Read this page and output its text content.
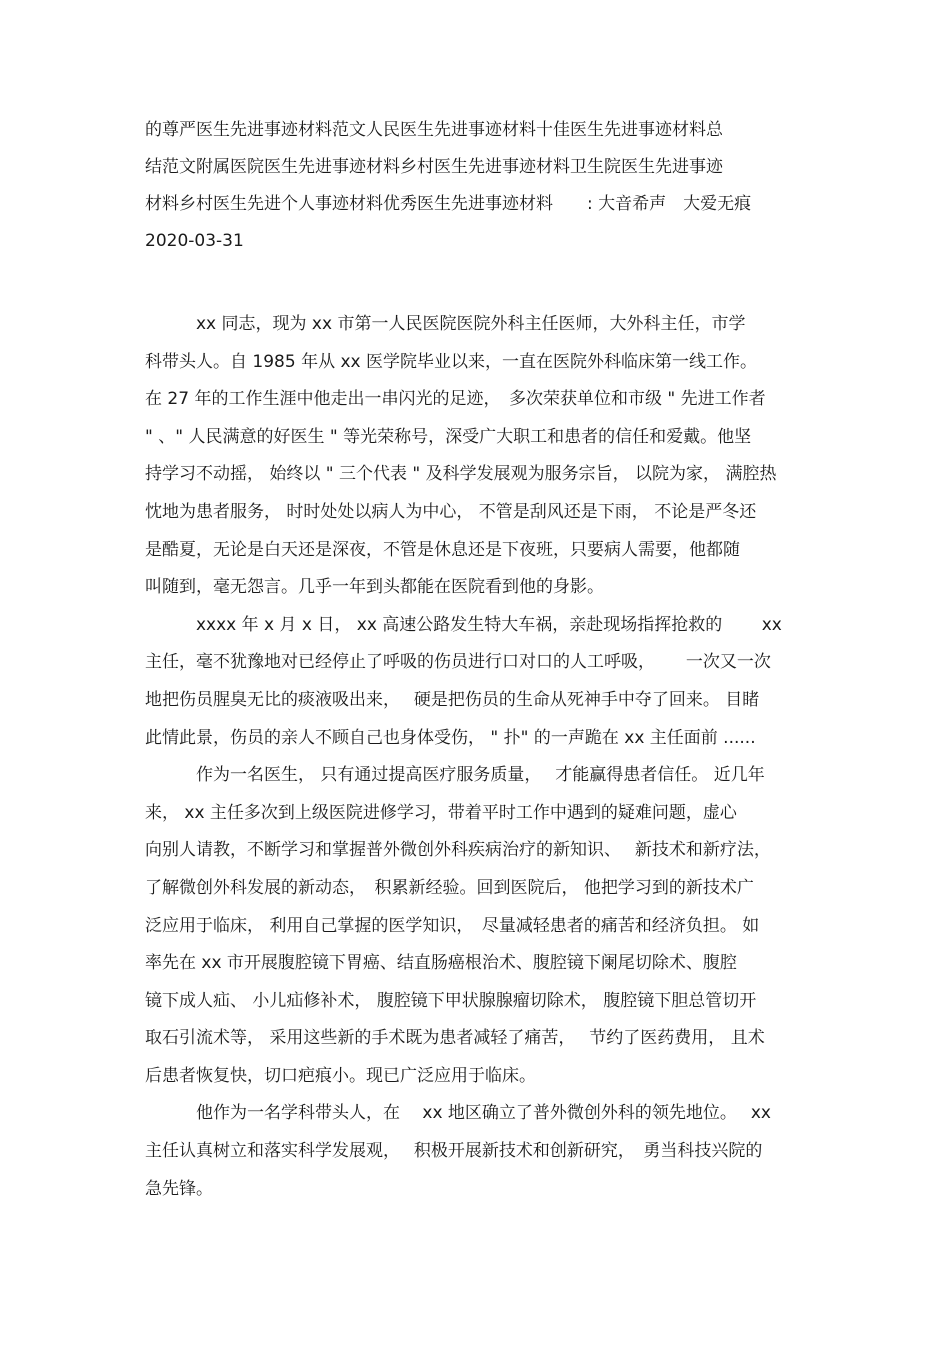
的尊严医生先进事迹材料范文人民医生先进事迹材料十佳医生先进事迹材料总
结范文附属医院医生先进事迹材料乡村医生先进事迹材料卫生院医生先进事迹
材料乡村医生先进个人事迹材料优秀医生先进事迹材料　　: 大音希声　大爱无痕
2020-03-31
　　　xx 同志，现为 xx 市第一人民医院医院外科主任医师，大外科主任，市学
科带头人。自 1985 年从 xx 医学院毕业以来，一直在医院外科临床第一线工作。
在 27 年的工作生涯中他走出一串闪光的足迹，　多次荣获单位和市级 " 先进工作者
" 、" 人民满意的好医生 " 等光荣称号，深受广大职工和患者的信任和爱戴。他坚
持学习不动摇， 始终以 " 三个代表 " 及科学发展观为服务宗旨， 以院为家， 满腔热
忱地为患者服务， 时时处处以病人为中心， 不管是刮风还是下雨， 不论是严冬还
是酷夏，无论是白天还是深夜，不管是休息还是下夜班，只要病人需要，他都随
叫随到，毫无怨言。几乎一年到头都能在医院看到他的身影。
　　　xxxx 年 x 月 x 日， xx 高速公路发生特大车祸，亲赴现场指挥抢救的　　 xx
主任，毫不犹豫地对已经停止了呼吸的伤员进行口对口的人工呼吸，　　 一次又一次
地把伤员腥臭无比的痰液吸出来，　 硬是把伤员的生命从死神手中夺了回来。 目睹
此情此景，伤员的亲人不顾自己也身体受伤， " 扑" 的一声跪在 xx 主任面前 ......
　　　作为一名医生， 只有通过提高医疗服务质量，　 才能赢得患者信任。 近几年
来， xx 主任多次到上级医院进修学习，带着平时工作中遇到的疑难问题，虚心
向别人请教，不断学习和掌握普外微创外科疾病治疗的新知识、　 新技术和新疗法，
了解微创外科发展的新动态，　积累新经验。回到医院后， 他把学习到的新技术广
泛应用于临床， 利用自己掌握的医学知识，　尽量减轻患者的痛苦和经济负担。 如
率先在 xx 市开展腹腔镜下胃癌、结直肠癌根治术、腹腔镜下阑尾切除术、腹腔
镜下成人疝、 小儿疝修补术， 腹腔镜下甲状腺腺瘤切除术， 腹腔镜下胆总管切开
取石引流术等， 采用这些新的手术既为患者减轻了痛苦，　 节约了医药费用， 且术
后患者恢复快，切口疤痕小。现已广泛应用于临床。
　　　他作为一名学科带头人，在　 xx 地区确立了普外微创外科的领先地位。　 xx
主任认真树立和落实科学发展观，　 积极开展新技术和创新研究，　勇当科技兴院的
急先锋。
